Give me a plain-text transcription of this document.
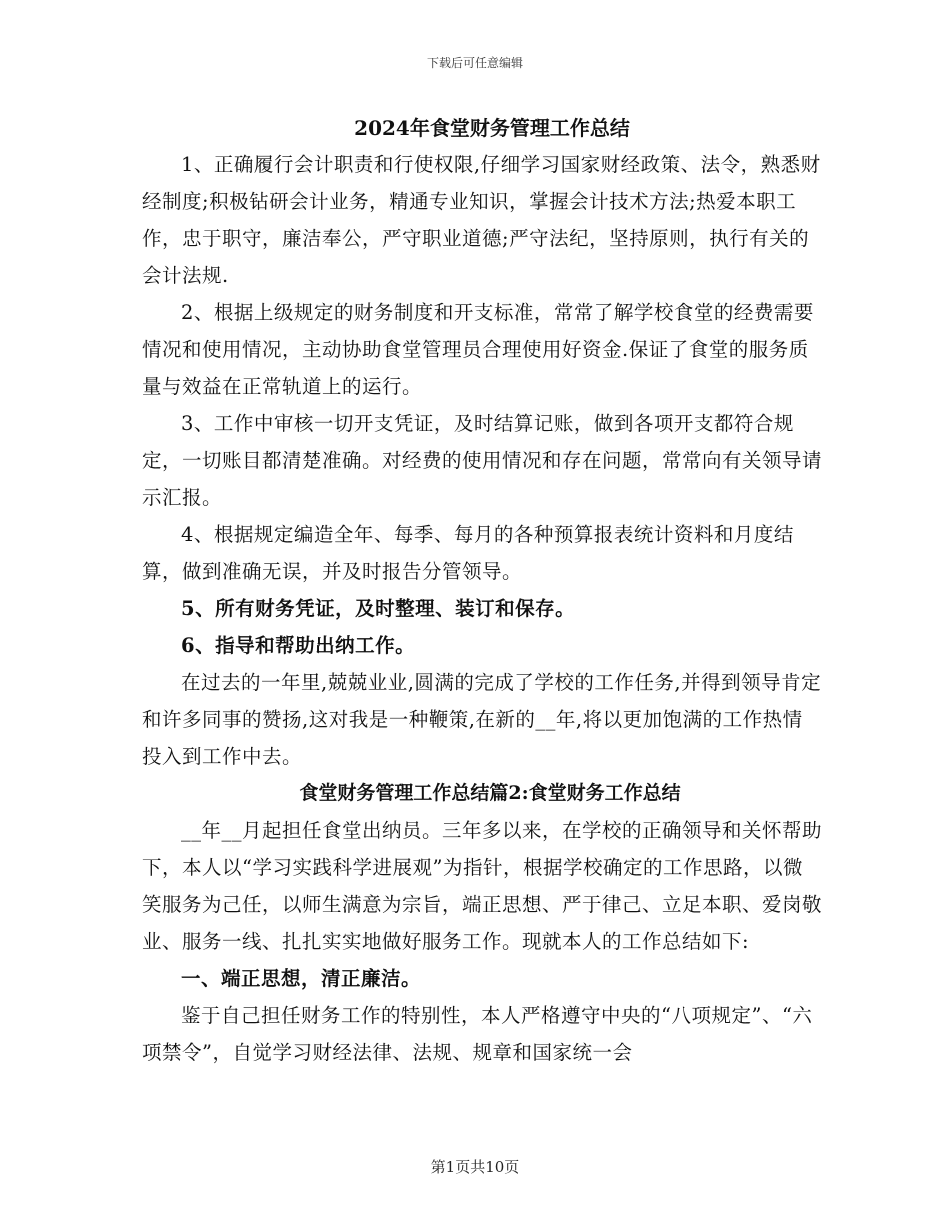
下载后可任意编辑
2024年食堂财务管理工作总结

1、正确履行会计职责和行使权限,仔细学习国家财经政策、法令，熟悉财经制度;积极钻研会计业务，精通专业知识，掌握会计技术方法;热爱本职工作，忠于职守，廉洁奉公，严守职业道德;严守法纪，坚持原则，执行有关的会计法规.

2、根据上级规定的财务制度和开支标准，常常了解学校食堂的经费需要情况和使用情况，主动协助食堂管理员合理使用好资金.保证了食堂的服务质量与效益在正常轨道上的运行。

3、工作中审核一切开支凭证，及时结算记账，做到各项开支都符合规定，一切账目都清楚准确。对经费的使用情况和存在问题，常常向有关领导请示汇报。

4、根据规定编造全年、每季、每月的各种预算报表统计资料和月度结算，做到准确无误，并及时报告分管领导。

5、所有财务凭证，及时整理、装订和保存。

6、指导和帮助出纳工作。

在过去的一年里,兢兢业业,圆满的完成了学校的工作任务,并得到领导肯定和许多同事的赞扬,这对我是一种鞭策,在新的__年,将以更加饱满的工作热情投入到工作中去。

食堂财务管理工作总结篇2:食堂财务工作总结

__年__月起担任食堂出纳员。三年多以来，在学校的正确领导和关怀帮助下，本人以“学习实践科学进展观”为指针，根据学校确定的工作思路，以微笑服务为己任，以师生满意为宗旨，端正思想、严于律己、立足本职、爱岗敬业、服务一线、扎扎实实地做好服务工作。现就本人的工作总结如下:

一、端正思想，清正廉洁。

鉴于自己担任财务工作的特别性，本人严格遵守中央的“八项规定”、“六项禁令”，自觉学习财经法律、法规、规章和国家统一会

第1页共10页
